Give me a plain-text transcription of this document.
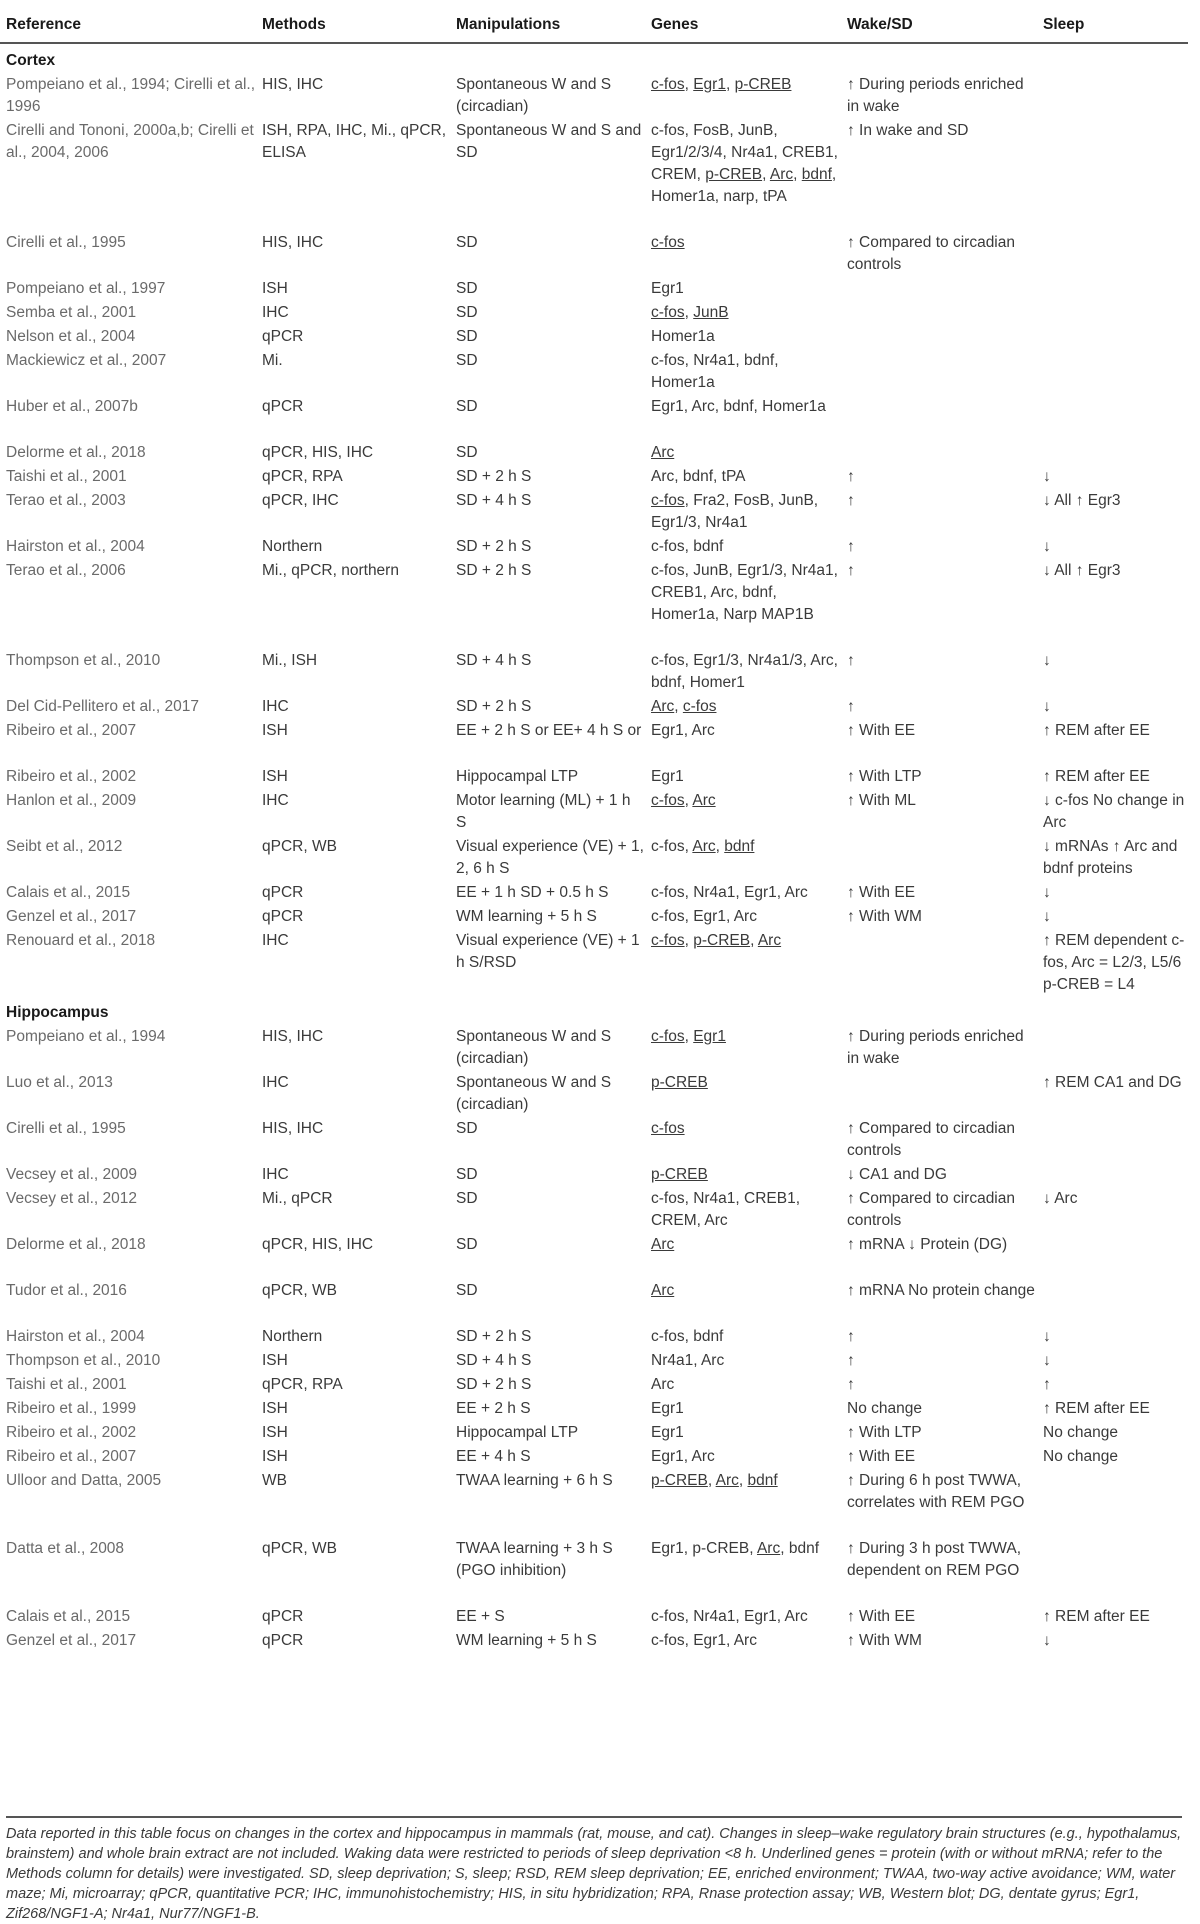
Reference	Methods	Manipulations	Genes	Wake/SD	Sleep
Cortex					
Pompeiano et al., 1994; Cirelli et al., 1996	HIS, IHC	Spontaneous W and S (circadian)	c-fos, Egr1, p-CREB	↑ During periods enriched in wake	
Cirelli and Tononi, 2000a,b; Cirelli et al., 2004, 2006	ISH, RPA, IHC, Mi., qPCR, ELISA	Spontaneous W and S and SD	c-fos, FosB, JunB, Egr1/2/3/4, Nr4a1, CREB1, CREM, p-CREB, Arc, bdnf, Homer1a, narp, tPA	↑ In wake and SD	
Cirelli et al., 1995	HIS, IHC	SD	c-fos	↑ Compared to circadian controls	
Pompeiano et al., 1997	ISH	SD	Egr1		
Semba et al., 2001	IHC	SD	c-fos, JunB		
Nelson et al., 2004	qPCR	SD	Homer1a		
Mackiewicz et al., 2007	Mi.	SD	c-fos, Nr4a1, bdnf, Homer1a		
Huber et al., 2007b	qPCR	SD	Egr1, Arc, bdnf, Homer1a		
Delorme et al., 2018	qPCR, HIS, IHC	SD	Arc		
Taishi et al., 2001	qPCR, RPA	SD + 2 h S	Arc, bdnf, tPA	↑	↓
Terao et al., 2003	qPCR, IHC	SD + 4 h S	c-fos, Fra2, FosB, JunB, Egr1/3, Nr4a1	↑	↓ All ↑ Egr3
Hairston et al., 2004	Northern	SD + 2 h S	c-fos, bdnf	↑	↓
Terao et al., 2006	Mi., qPCR, northern	SD + 2 h S	c-fos, JunB, Egr1/3, Nr4a1, CREB1, Arc, bdnf, Homer1a, Narp MAP1B	↑	↓ All ↑ Egr3
Thompson et al., 2010	Mi., ISH	SD + 4 h S	c-fos, Egr1/3, Nr4a1/3, Arc, bdnf, Homer1	↑	↓
Del Cid-Pellitero et al., 2017	IHC	SD + 2 h S	Arc, c-fos	↑	↓
Ribeiro et al., 2007	ISH	EE + 2 h S or EE+ 4 h S or	Egr1, Arc	↑ With EE	↑ REM after EE
Ribeiro et al., 2002	ISH	Hippocampal LTP	Egr1	↑ With LTP	↑ REM after EE
Hanlon et al., 2009	IHC	Motor learning (ML) + 1 h S	c-fos, Arc	↑ With ML	↓ c-fos No change in Arc
Seibt et al., 2012	qPCR, WB	Visual experience (VE) + 1, 2, 6 h S	c-fos, Arc, bdnf		↓ mRNAs ↑ Arc and bdnf proteins
Calais et al., 2015	qPCR	EE + 1 h SD + 0.5 h S	c-fos, Nr4a1, Egr1, Arc	↑ With EE	↓
Genzel et al., 2017	qPCR	WM learning + 5 h S	c-fos, Egr1, Arc	↑ With WM	↓
Renouard et al., 2018	IHC	Visual experience (VE) + 1 h S/RSD	c-fos, p-CREB, Arc		↑ REM dependent c-fos, Arc = L2/3, L5/6 p-CREB = L4
Hippocampus					
Pompeiano et al., 1994	HIS, IHC	Spontaneous W and S (circadian)	c-fos, Egr1	↑ During periods enriched in wake	
Luo et al., 2013	IHC	Spontaneous W and S (circadian)	p-CREB		↑ REM CA1 and DG
Cirelli et al., 1995	HIS, IHC	SD	c-fos	↑ Compared to circadian controls	
Vecsey et al., 2009	IHC	SD	p-CREB	↓ CA1 and DG	
Vecsey et al., 2012	Mi., qPCR	SD	c-fos, Nr4a1, CREB1, CREM, Arc	↑ Compared to circadian controls	↓ Arc
Delorme et al., 2018	qPCR, HIS, IHC	SD	Arc	↑ mRNA ↓ Protein (DG)	
Tudor et al., 2016	qPCR, WB	SD	Arc	↑ mRNA No protein change	
Hairston et al., 2004	Northern	SD + 2 h S	c-fos, bdnf	↑	↓
Thompson et al., 2010	ISH	SD + 4 h S	Nr4a1, Arc	↑	↓
Taishi et al., 2001	qPCR, RPA	SD + 2 h S	Arc	↑	↑
Ribeiro et al., 1999	ISH	EE + 2 h S	Egr1	No change	↑ REM after EE
Ribeiro et al., 2002	ISH	Hippocampal LTP	Egr1	↑ With LTP	No change
Ribeiro et al., 2007	ISH	EE + 4 h S	Egr1, Arc	↑ With EE	No change
Ulloor and Datta, 2005	WB	TWAA learning + 6 h S	p-CREB, Arc, bdnf	↑ During 6 h post TWWA, correlates with REM PGO	
Datta et al., 2008	qPCR, WB	TWAA learning + 3 h S (PGO inhibition)	Egr1, p-CREB, Arc, bdnf	↑ During 3 h post TWWA, dependent on REM PGO	
Calais et al., 2015	qPCR	EE + S	c-fos, Nr4a1, Egr1, Arc	↑ With EE	↑ REM after EE
Genzel et al., 2017	qPCR	WM learning + 5 h S	c-fos, Egr1, Arc	↑ With WM	↓
Data reported in this table focus on changes in the cortex and hippocampus in mammals (rat, mouse, and cat). Changes in sleep–wake regulatory brain structures (e.g., hypothalamus, brainstem) and whole brain extract are not included. Waking data were restricted to periods of sleep deprivation <8 h. Underlined genes = protein (with or without mRNA; refer to the Methods column for details) were investigated. SD, sleep deprivation; S, sleep; RSD, REM sleep deprivation; EE, enriched environment; TWAA, two-way active avoidance; WM, water maze; Mi, microarray; qPCR, quantitative PCR; IHC, immunohistochemistry; HIS, in situ hybridization; RPA, Rnase protection assay; WB, Western blot; DG, dentate gyrus; Egr1, Zif268/NGF1-A; Nr4a1, Nur77/NGF1-B.
